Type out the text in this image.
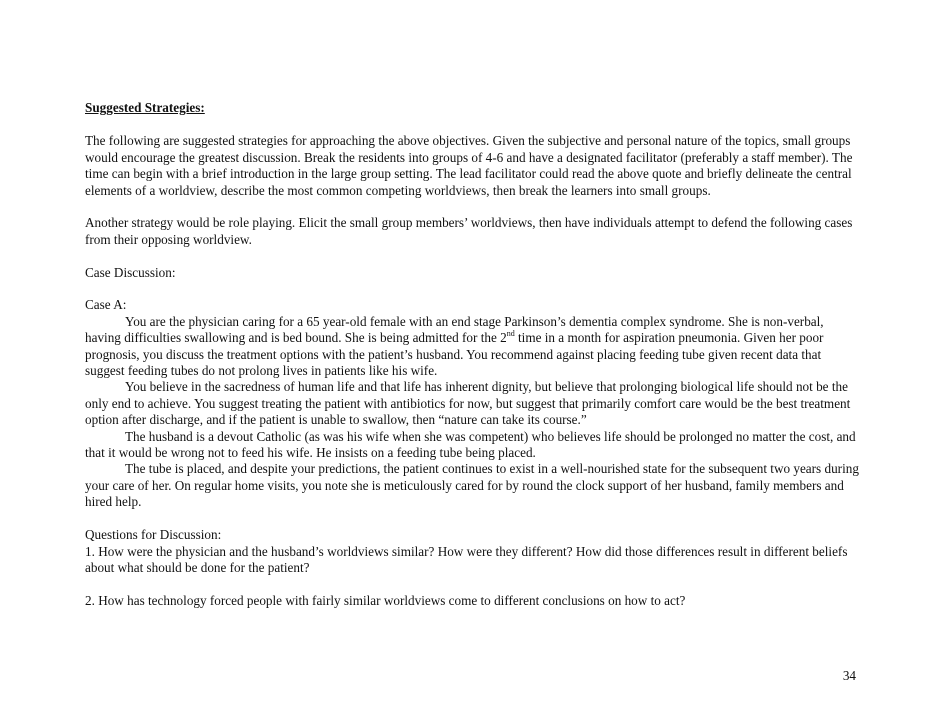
Suggested Strategies:

The following are suggested strategies for approaching the above objectives. Given the subjective and personal nature of the topics, small groups would encourage the greatest discussion. Break the residents into groups of 4-6 and have a designated facilitator (preferably a staff member). The time can begin with a brief introduction in the large group setting. The lead facilitator could read the above quote and briefly delineate the central elements of a worldview, describe the most common competing worldviews, then break the learners into small groups.

Another strategy would be role playing. Elicit the small group members’ worldviews, then have individuals attempt to defend the following cases from their opposing worldview.

Case Discussion:

Case A:

You are the physician caring for a 65 year-old female with an end stage Parkinson’s dementia complex syndrome. She is non-verbal, having difficulties swallowing and is bed bound. She is being admitted for the 2nd time in a month for aspiration pneumonia. Given her poor prognosis, you discuss the treatment options with the patient’s husband. You recommend against placing feeding tube given recent data that suggest feeding tubes do not prolong lives in patients like his wife.

You believe in the sacredness of human life and that life has inherent dignity, but believe that prolonging biological life should not be the only end to achieve. You suggest treating the patient with antibiotics for now, but suggest that primarily comfort care would be the best treatment option after discharge, and if the patient is unable to swallow, then “nature can take its course.”

The husband is a devout Catholic (as was his wife when she was competent) who believes life should be prolonged no matter the cost, and that it would be wrong not to feed his wife. He insists on a feeding tube being placed.

The tube is placed, and despite your predictions, the patient continues to exist in a well-nourished state for the subsequent two years during your care of her. On regular home visits, you note she is meticulously cared for by round the clock support of her husband, family members and hired help.

Questions for Discussion:

1. How were the physician and the husband’s worldviews similar? How were they different? How did those differences result in different beliefs about what should be done for the patient?

2. How has technology forced people with fairly similar worldviews come to different conclusions on how to act?

34
